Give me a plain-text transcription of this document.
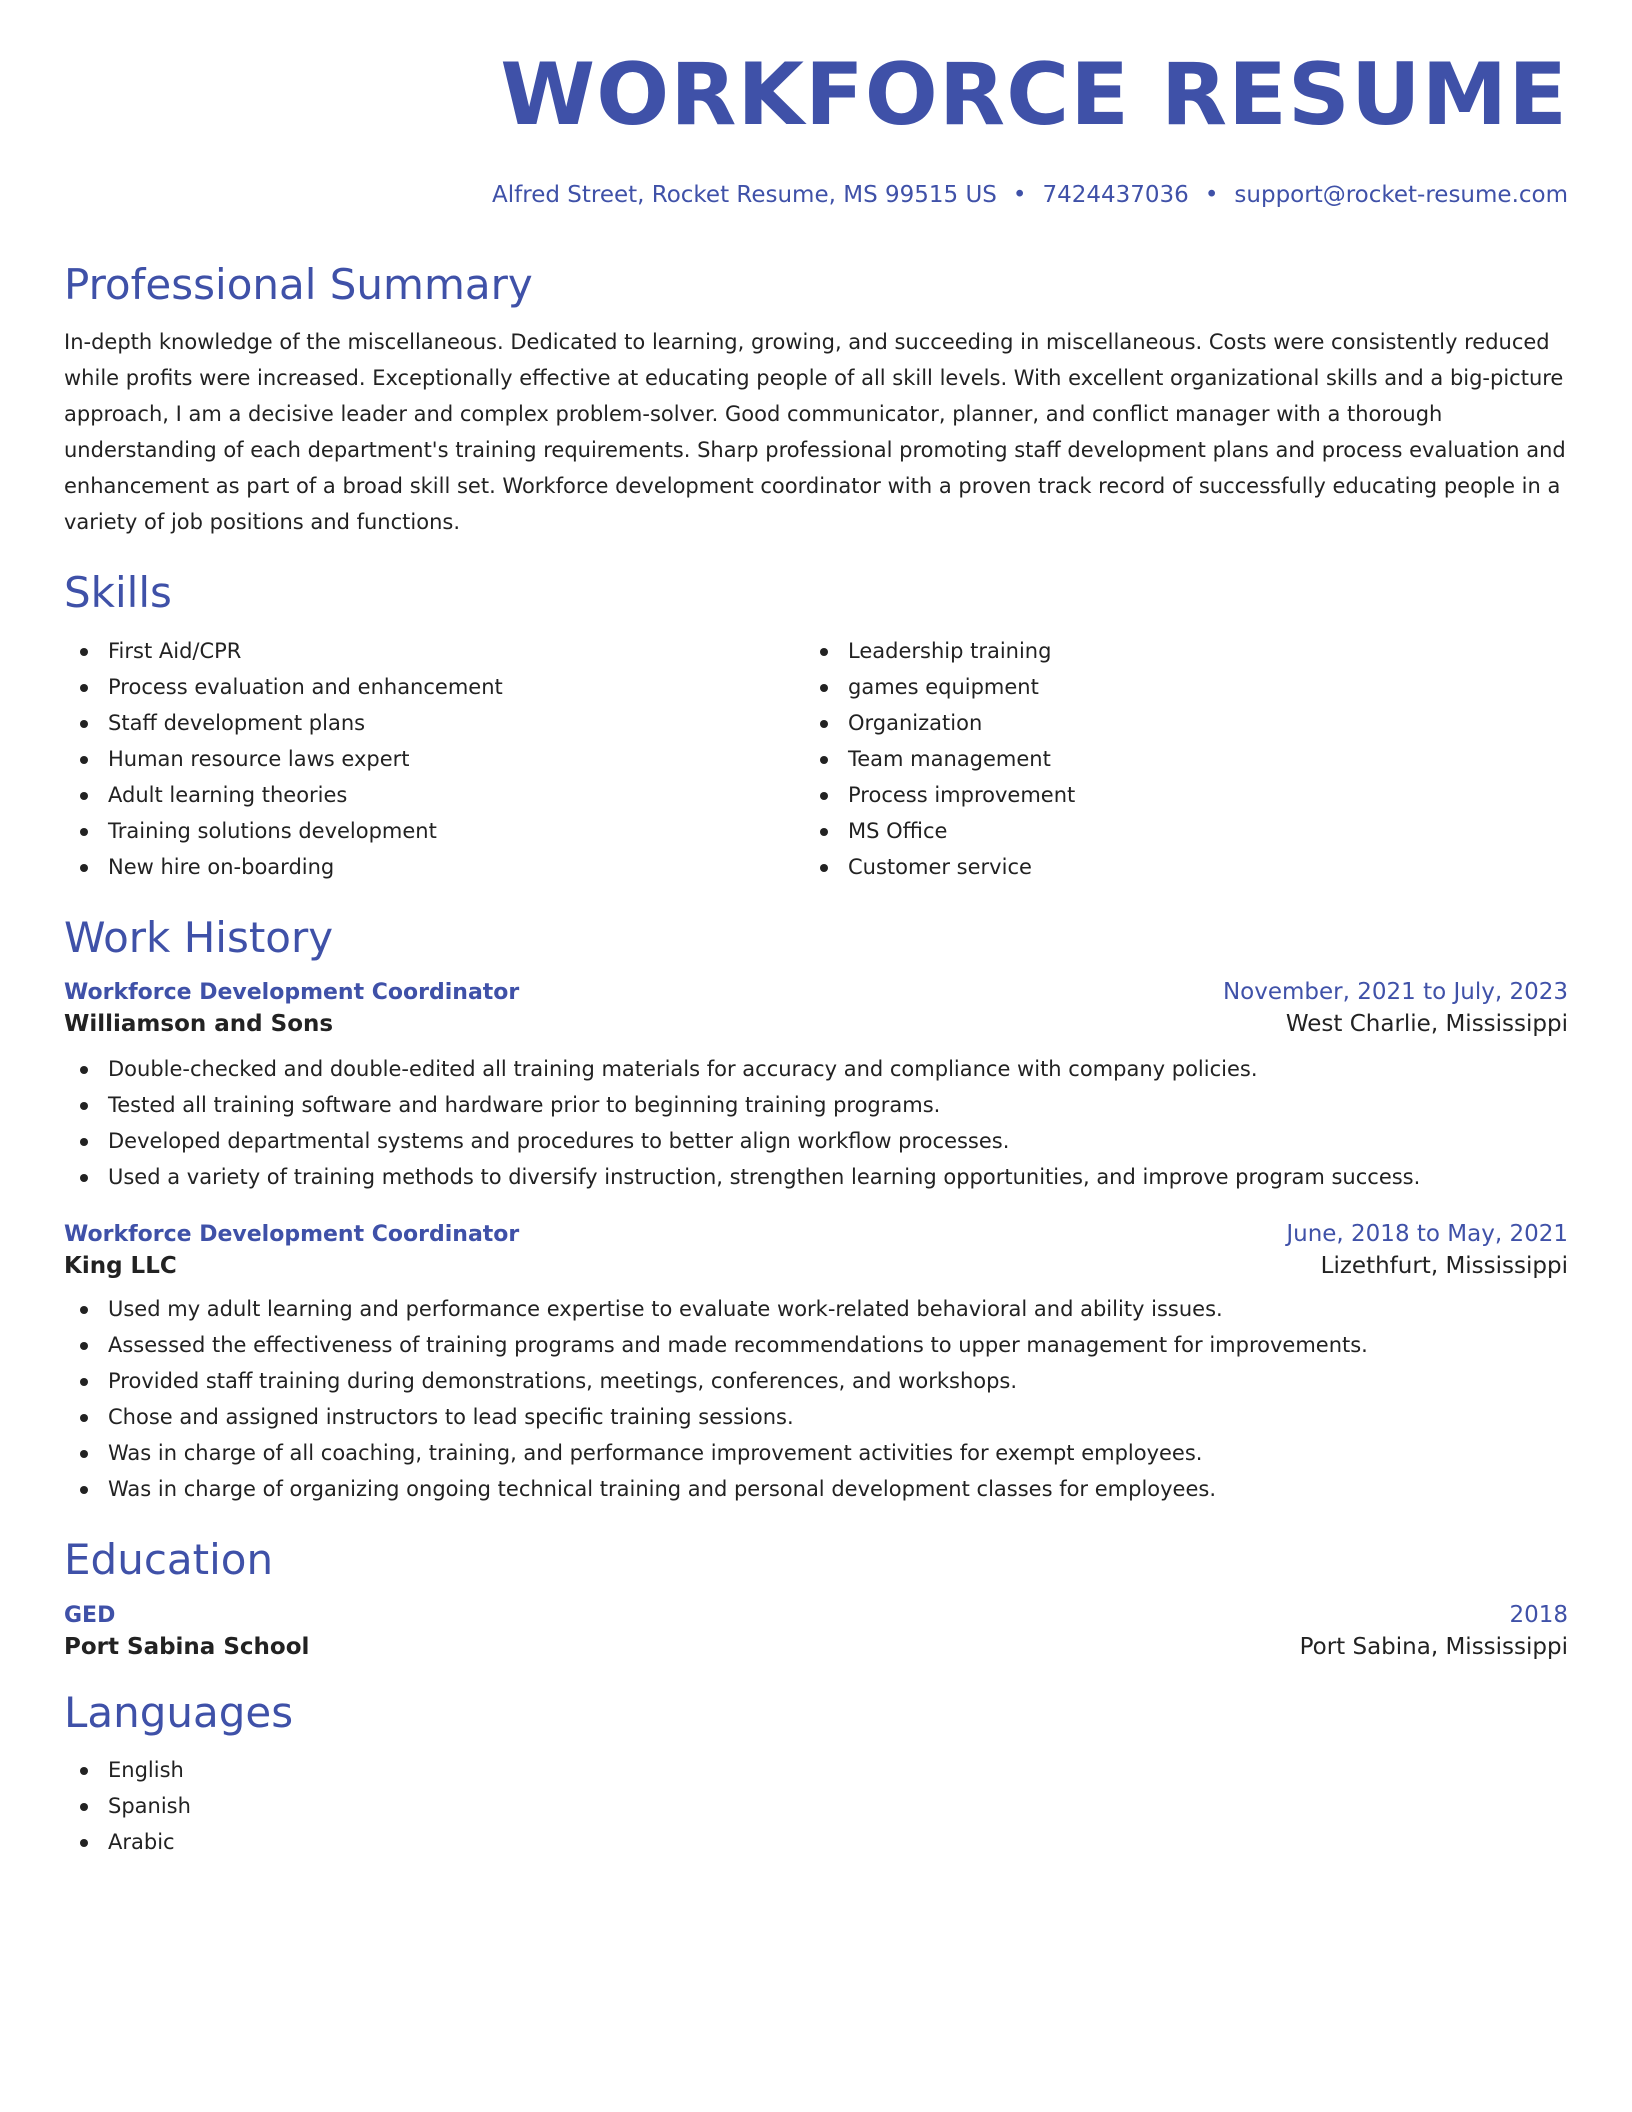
WORKFORCE RESUME
Alfred Street, Rocket Resume, MS 99515 US • 7424437036 • support@rocket-resume.com
Professional Summary

In-depth knowledge of the miscellaneous. Dedicated to learning, growing, and succeeding in miscellaneous. Costs were consistently reduced while profits were increased. Exceptionally effective at educating people of all skill levels. With excellent organizational skills and a big-picture approach, I am a decisive leader and complex problem-solver. Good communicator, planner, and conflict manager with a thorough understanding of each department's training requirements. Sharp professional promoting staff development plans and process evaluation and enhancement as part of a broad skill set. Workforce development coordinator with a proven track record of successfully educating people in a variety of job positions and functions.

Skills
First Aid/CPR
Process evaluation and enhancement
Staff development plans
Human resource laws expert
Adult learning theories
Training solutions development
New hire on-boarding
Leadership training
games equipment
Organization
Team management
Process improvement
MS Office
Customer service
Work History
Workforce Development Coordinator	November, 2021 to July, 2023
Williamson and Sons	West Charlie, Mississippi
Double-checked and double-edited all training materials for accuracy and compliance with company policies.
Tested all training software and hardware prior to beginning training programs.
Developed departmental systems and procedures to better align workflow processes.
Used a variety of training methods to diversify instruction, strengthen learning opportunities, and improve program success.
Workforce Development Coordinator	June, 2018 to May, 2021
King LLC	Lizethfurt, Mississippi
Used my adult learning and performance expertise to evaluate work-related behavioral and ability issues.
Assessed the effectiveness of training programs and made recommendations to upper management for improvements.
Provided staff training during demonstrations, meetings, conferences, and workshops.
Chose and assigned instructors to lead specific training sessions.
Was in charge of all coaching, training, and performance improvement activities for exempt employees.
Was in charge of organizing ongoing technical training and personal development classes for employees.
Education
GED	2018
Port Sabina School	Port Sabina, Mississippi
Languages
English
Spanish
Arabic
